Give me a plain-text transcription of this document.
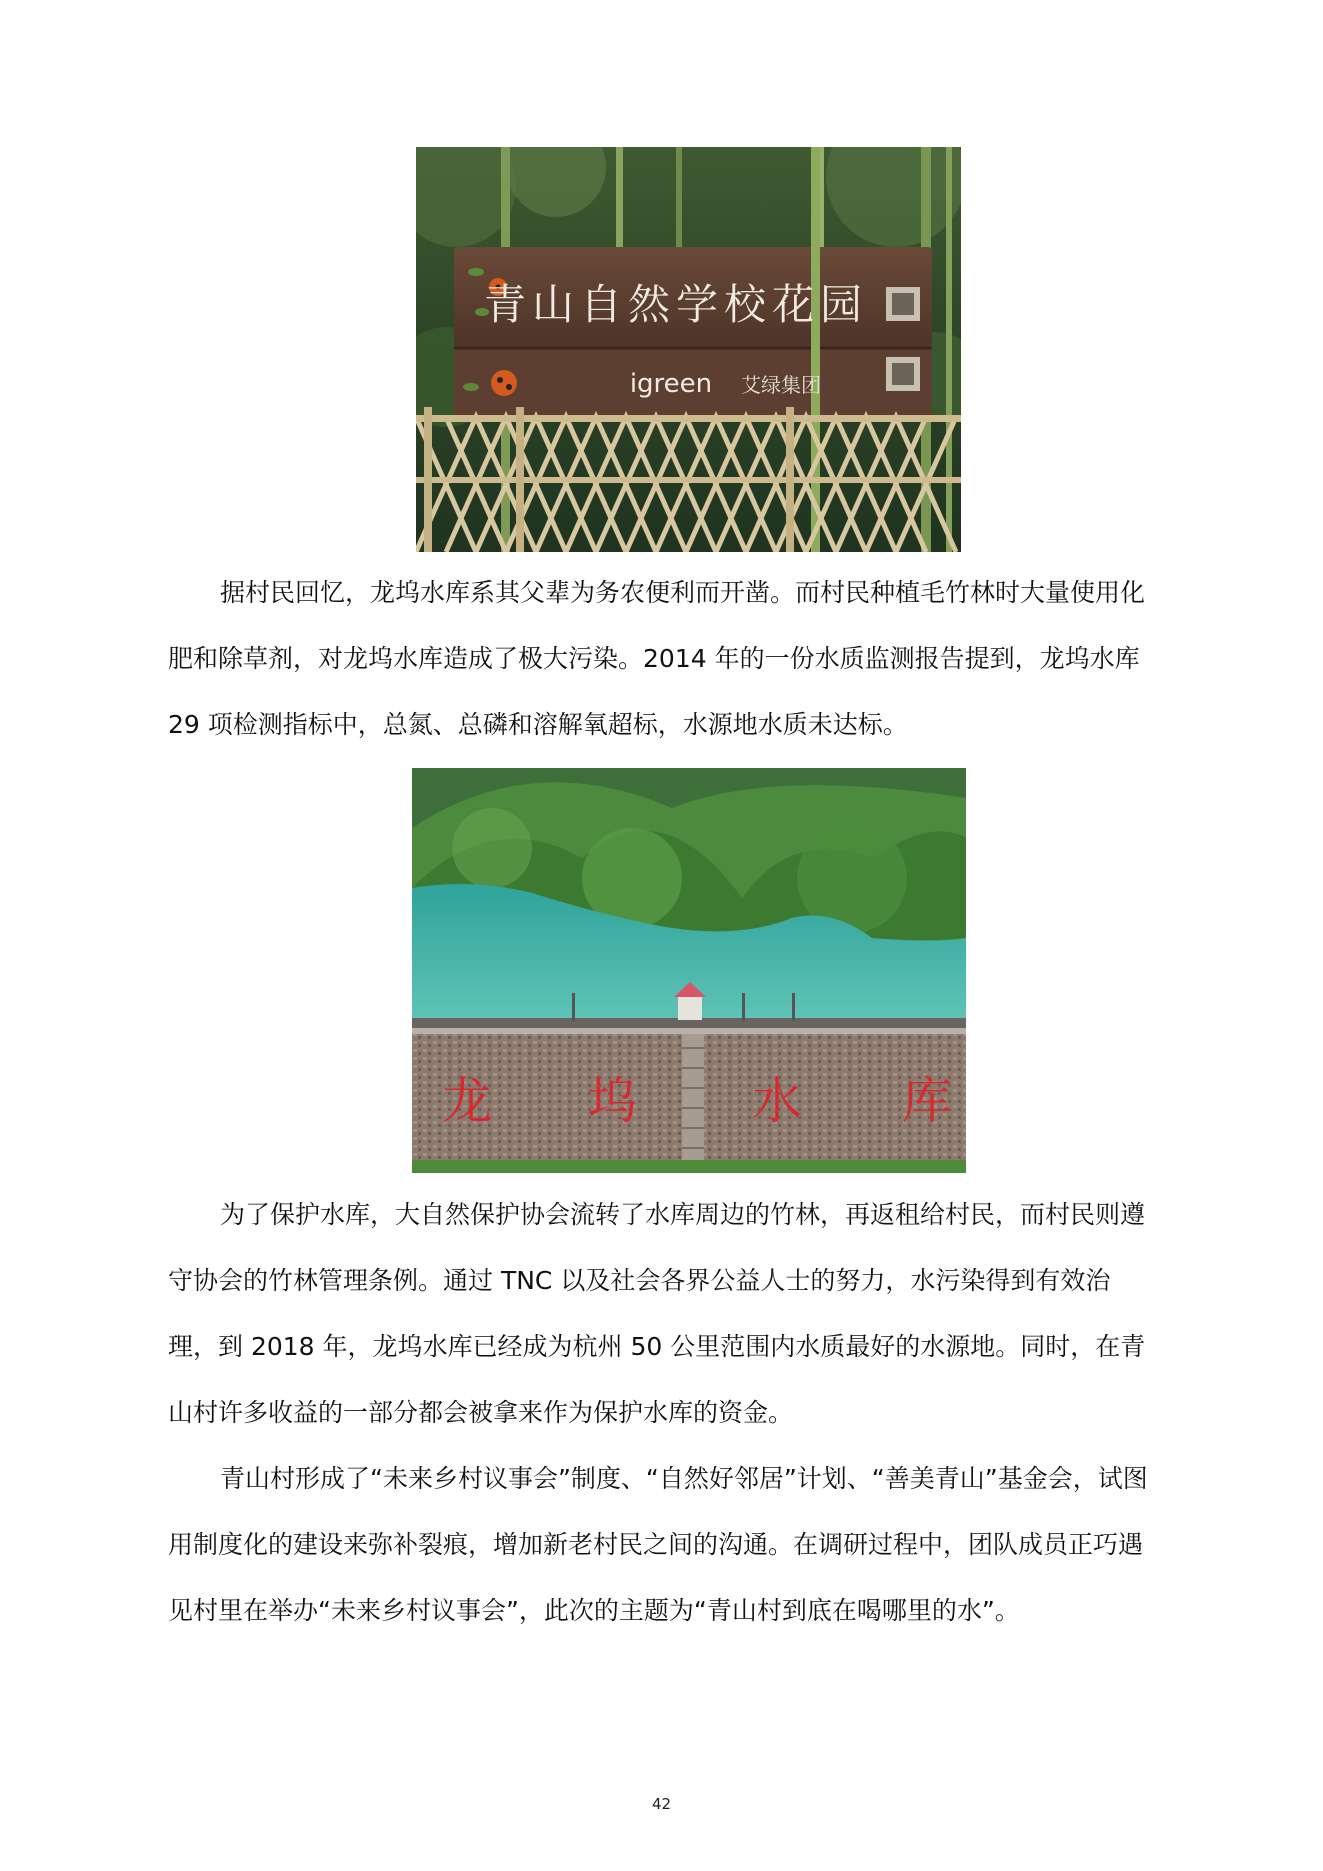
青山自然学校花园
igreen 艾绿集团

据村民回忆，龙坞水库系其父辈为务农便利而开凿。而村民种植毛竹林时大量使用化肥和除草剂，对龙坞水库造成了极大污染。2014 年的一份水质监测报告提到，龙坞水库 29 项检测指标中，总氮、总磷和溶解氧超标，水源地水质未达标。

龙 坞 水 库

为了保护水库，大自然保护协会流转了水库周边的竹林，再返租给村民，而村民则遵守协会的竹林管理条例。通过 TNC 以及社会各界公益人士的努力，水污染得到有效治理，到 2018 年，龙坞水库已经成为杭州 50 公里范围内水质最好的水源地。同时，在青山村许多收益的一部分都会被拿来作为保护水库的资金。

青山村形成了“未来乡村议事会”制度、“自然好邻居”计划、“善美青山”基金会，试图用制度化的建设来弥补裂痕，增加新老村民之间的沟通。在调研过程中，团队成员正巧遇见村里在举办“未来乡村议事会”，此次的主题为“青山村到底在喝哪里的水”。

42
